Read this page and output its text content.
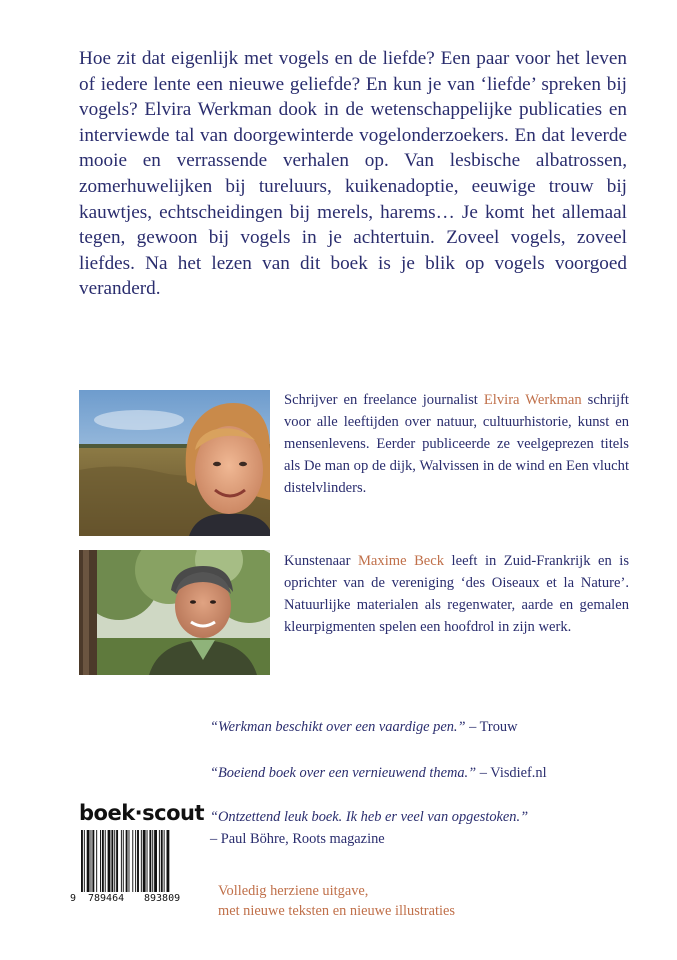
Hoe zit dat eigenlijk met vogels en de liefde? Een paar voor het leven of iedere lente een nieuwe geliefde? En kun je van ‘liefde’ spreken bij vogels? Elvira Werkman dook in de wetenschappelijke publicaties en interviewde tal van doorgewinterde vogelonderzoekers. En dat leverde mooie en verrassende verhalen op. Van lesbische albatrossen, zomerhuwelijken bij tureluurs, kuikenadoptie, eeuwige trouw bij kauwtjes, echtscheidingen bij merels, harems… Je komt het allemaal tegen, gewoon bij vogels in je achtertuin. Zoveel vogels, zoveel liefdes. Na het lezen van dit boek is je blik op vogels voorgoed veranderd.

Schrijver en freelance journalist Elvira Werkman schrijft voor alle leeftijden over natuur, cultuurhistorie, kunst en mensenlevens. Eerder publiceerde ze veelgeprezen titels als De man op de dijk, Walvissen in de wind en Een vlucht distelvlinders.

Kunstenaar Maxime Beck leeft in Zuid-Frankrijk en is oprichter van de vereniging ‘des Oiseaux et la Nature’. Natuurlijke materialen als regenwater, aarde en gemalen kleurpigmenten spelen een hoofdrol in zijn werk.

“Werkman beschikt over een vaardige pen.” – Trouw
“Boeiend boek over een vernieuwend thema.” – Visdief.nl
“Ontzettend leuk boek. Ik heb er veel van opgestoken.”
– Paul Böhre, Roots magazine
Volledig herziene uitgave,
met nieuwe teksten en nieuwe illustraties
boek·scout
9 789464 893809
